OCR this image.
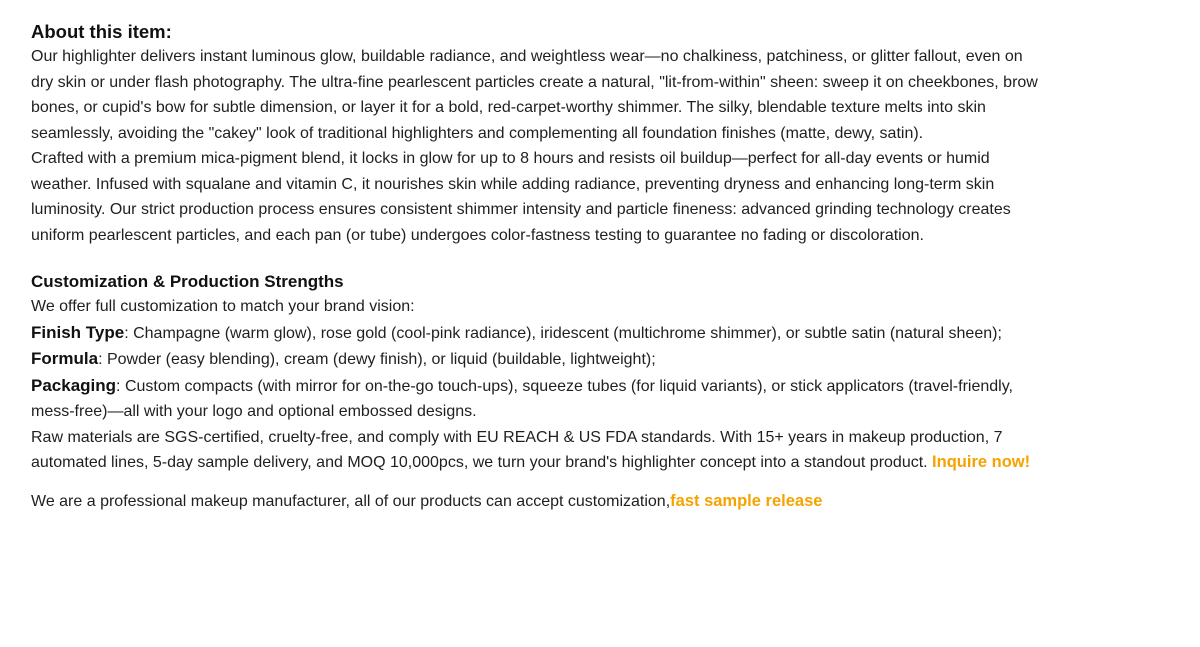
About this item:

Our highlighter delivers instant luminous glow, buildable radiance, and weightless wear—no chalkiness, patchiness, or glitter fallout, even on dry skin or under flash photography. The ultra-fine pearlescent particles create a natural, "lit-from-within" sheen: sweep it on cheekbones, brow bones, or cupid's bow for subtle dimension, or layer it for a bold, red-carpet-worthy shimmer. The silky, blendable texture melts into skin seamlessly, avoiding the "cakey" look of traditional highlighters and complementing all foundation finishes (matte, dewy, satin).

Crafted with a premium mica-pigment blend, it locks in glow for up to 8 hours and resists oil buildup—perfect for all-day events or humid weather. Infused with squalane and vitamin C, it nourishes skin while adding radiance, preventing dryness and enhancing long-term skin luminosity. Our strict production process ensures consistent shimmer intensity and particle fineness: advanced grinding technology creates uniform pearlescent particles, and each pan (or tube) undergoes color-fastness testing to guarantee no fading or discoloration.

Customization & Production Strengths

We offer full customization to match your brand vision:

Finish Type: Champagne (warm glow), rose gold (cool-pink radiance), iridescent (multichrome shimmer), or subtle satin (natural sheen);

Formula: Powder (easy blending), cream (dewy finish), or liquid (buildable, lightweight);

Packaging: Custom compacts (with mirror for on-the-go touch-ups), squeeze tubes (for liquid variants), or stick applicators (travel-friendly, mess-free)—all with your logo and optional embossed designs.

Raw materials are SGS-certified, cruelty-free, and comply with EU REACH & US FDA standards. With 15+ years in makeup production, 7 automated lines, 5-day sample delivery, and MOQ 10,000pcs, we turn your brand's highlighter concept into a standout product. Inquire now!

We are a professional makeup manufacturer, all of our products can accept customization,fast sample release
